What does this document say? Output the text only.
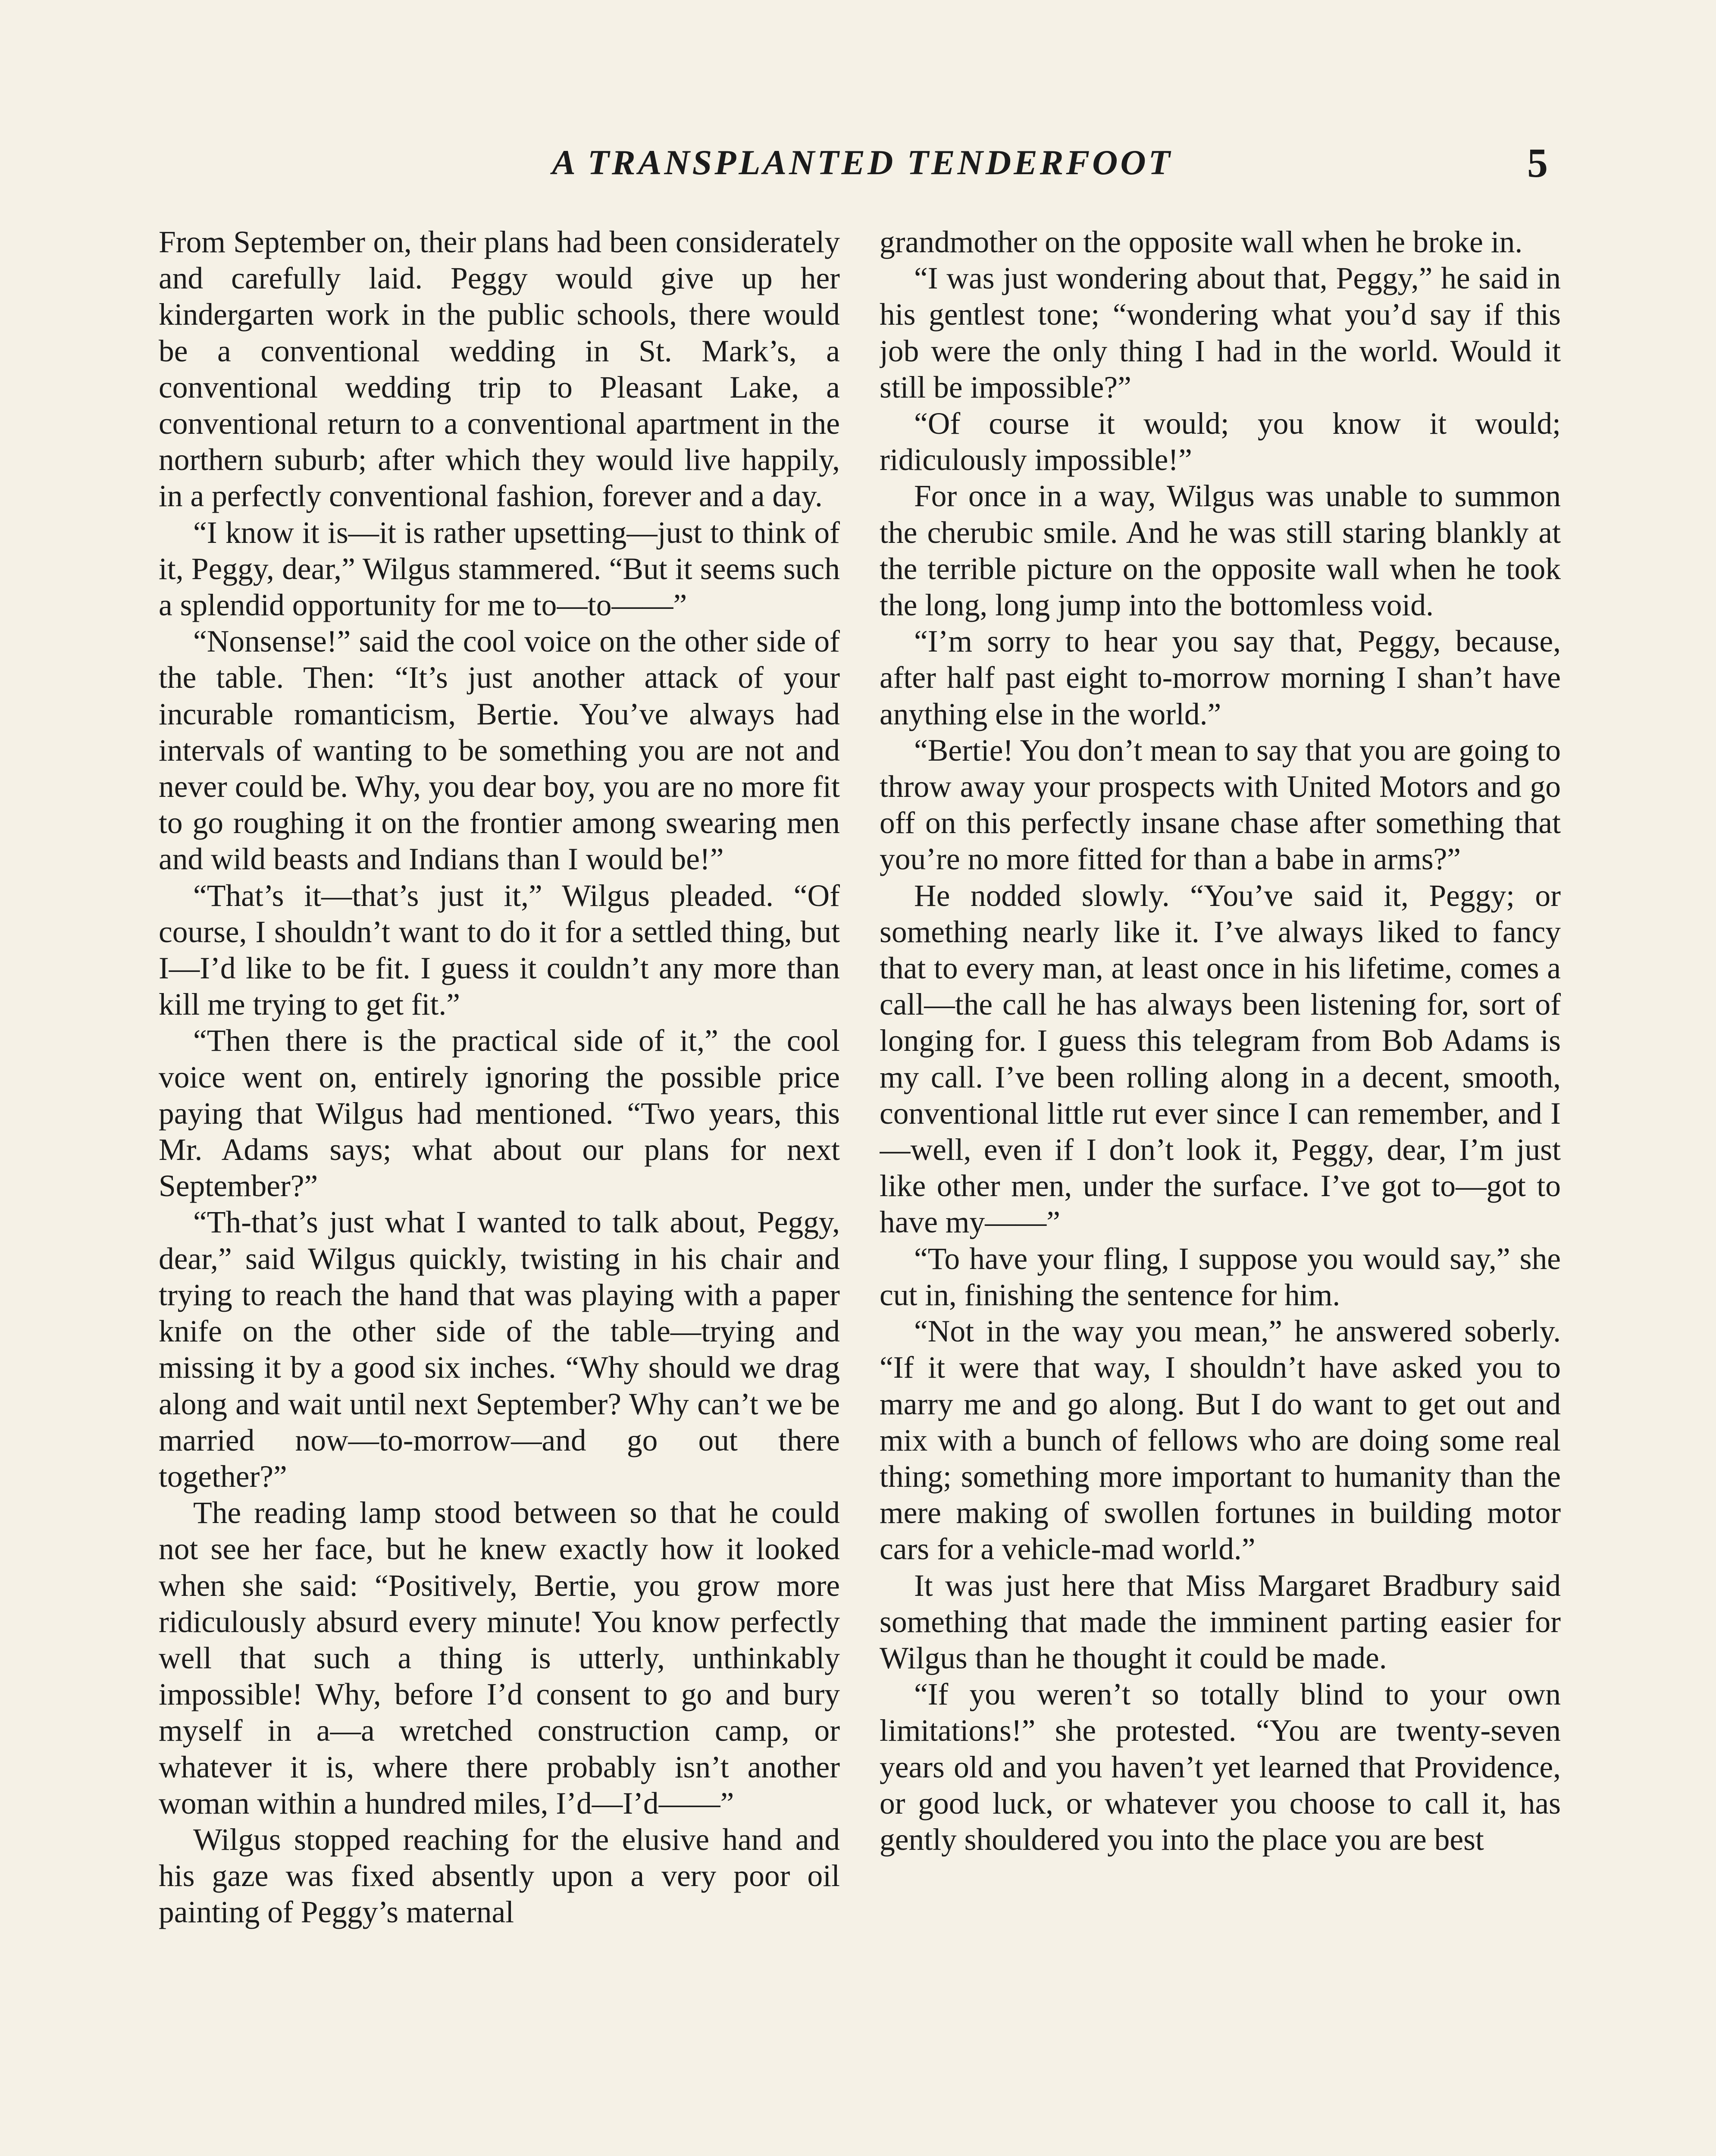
A TRANSPLANTED TENDERFOOT	5

From September on, their plans had been considerately and carefully laid. Peggy would give up her kindergarten work in the public schools, there would be a conventional wedding in St. Mark’s, a conventional wedding trip to Pleasant Lake, a conventional return to a conventional apartment in the northern suburb; after which they would live happily, in a perfectly conventional fashion, forever and a day.

“I know it is—it is rather upsetting—just to think of it, Peggy, dear,” Wilgus stammered. “But it seems such a splendid opportunity for me to—to——”

“Nonsense!” said the cool voice on the other side of the table. Then: “It’s just another attack of your incurable romanticism, Bertie. You’ve always had intervals of wanting to be something you are not and never could be. Why, you dear boy, you are no more fit to go roughing it on the frontier among swearing men and wild beasts and Indians than I would be!”

“That’s it—that’s just it,” Wilgus pleaded. “Of course, I shouldn’t want to do it for a settled thing, but I—I’d like to be fit. I guess it couldn’t any more than kill me trying to get fit.”

“Then there is the practical side of it,” the cool voice went on, entirely ignoring the possible price paying that Wilgus had mentioned. “Two years, this Mr. Adams says; what about our plans for next September?”

“Th-that’s just what I wanted to talk about, Peggy, dear,” said Wilgus quickly, twisting in his chair and trying to reach the hand that was playing with a paper knife on the other side of the table—trying and missing it by a good six inches. “Why should we drag along and wait until next September? Why can’t we be married now—to-morrow—and go out there together?”

The reading lamp stood between so that he could not see her face, but he knew exactly how it looked when she said: “Positively, Bertie, you grow more ridiculously absurd every minute! You know perfectly well that such a thing is utterly, unthinkably impossible! Why, before I’d consent to go and bury myself in a—a wretched construction camp, or whatever it is, where there probably isn’t another woman within a hundred miles, I’d—I’d——”

Wilgus stopped reaching for the elusive hand and his gaze was fixed absently upon a very poor oil painting of Peggy’s maternal

grandmother on the opposite wall when he broke in.

“I was just wondering about that, Peggy,” he said in his gentlest tone; “wondering what you’d say if this job were the only thing I had in the world. Would it still be impossible?”

“Of course it would; you know it would; ridiculously impossible!”

For once in a way, Wilgus was unable to summon the cherubic smile. And he was still staring blankly at the terrible picture on the opposite wall when he took the long, long jump into the bottomless void.

“I’m sorry to hear you say that, Peggy, because, after half past eight to-morrow morning I shan’t have anything else in the world.”

“Bertie! You don’t mean to say that you are going to throw away your prospects with United Motors and go off on this perfectly insane chase after something that you’re no more fitted for than a babe in arms?”

He nodded slowly. “You’ve said it, Peggy; or something nearly like it. I’ve always liked to fancy that to every man, at least once in his lifetime, comes a call—the call he has always been listening for, sort of longing for. I guess this telegram from Bob Adams is my call. I’ve been rolling along in a decent, smooth, conventional little rut ever since I can remember, and I—well, even if I don’t look it, Peggy, dear, I’m just like other men, under the surface. I’ve got to—got to have my——”

“To have your fling, I suppose you would say,” she cut in, finishing the sentence for him.

“Not in the way you mean,” he answered soberly. “If it were that way, I shouldn’t have asked you to marry me and go along. But I do want to get out and mix with a bunch of fellows who are doing some real thing; something more important to humanity than the mere making of swollen fortunes in building motor cars for a vehicle-mad world.”

It was just here that Miss Margaret Bradbury said something that made the imminent parting easier for Wilgus than he thought it could be made.

“If you weren’t so totally blind to your own limitations!” she protested. “You are twenty-seven years old and you haven’t yet learned that Providence, or good luck, or whatever you choose to call it, has gently shouldered you into the place you are best
